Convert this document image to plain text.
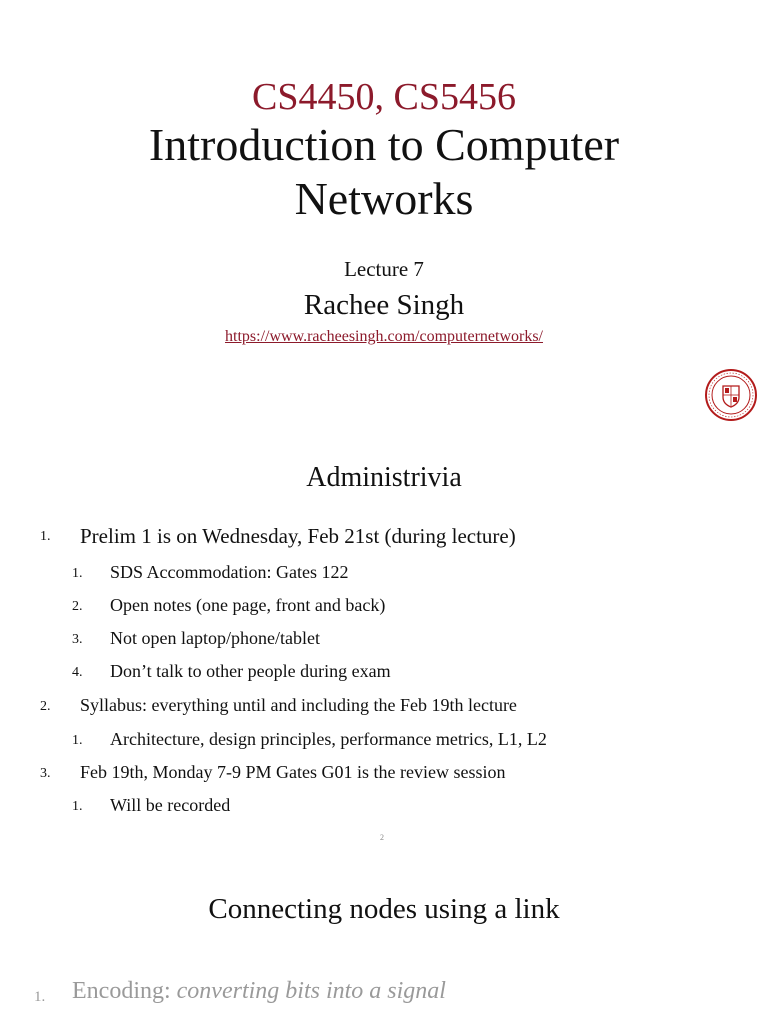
CS4450, CS5456
Introduction to Computer
Networks
Lecture 7
Rachee Singh
https://www.racheesingh.com/computernetworks/
Administrivia
1. Prelim 1 is on Wednesday, Feb 21st (during lecture)
1. SDS Accommodation: Gates 122
2. Open notes (one page, front and back)
3. Not open laptop/phone/tablet
4. Don’t talk to other people during exam
2. Syllabus: everything until and including the Feb 19th lecture
1. Architecture, design principles, performance metrics, L1, L2
3. Feb 19th, Monday 7-9 PM Gates G01 is the review session
1. Will be recorded
2
Connecting nodes using a link
1. Encoding: converting bits into a signal
